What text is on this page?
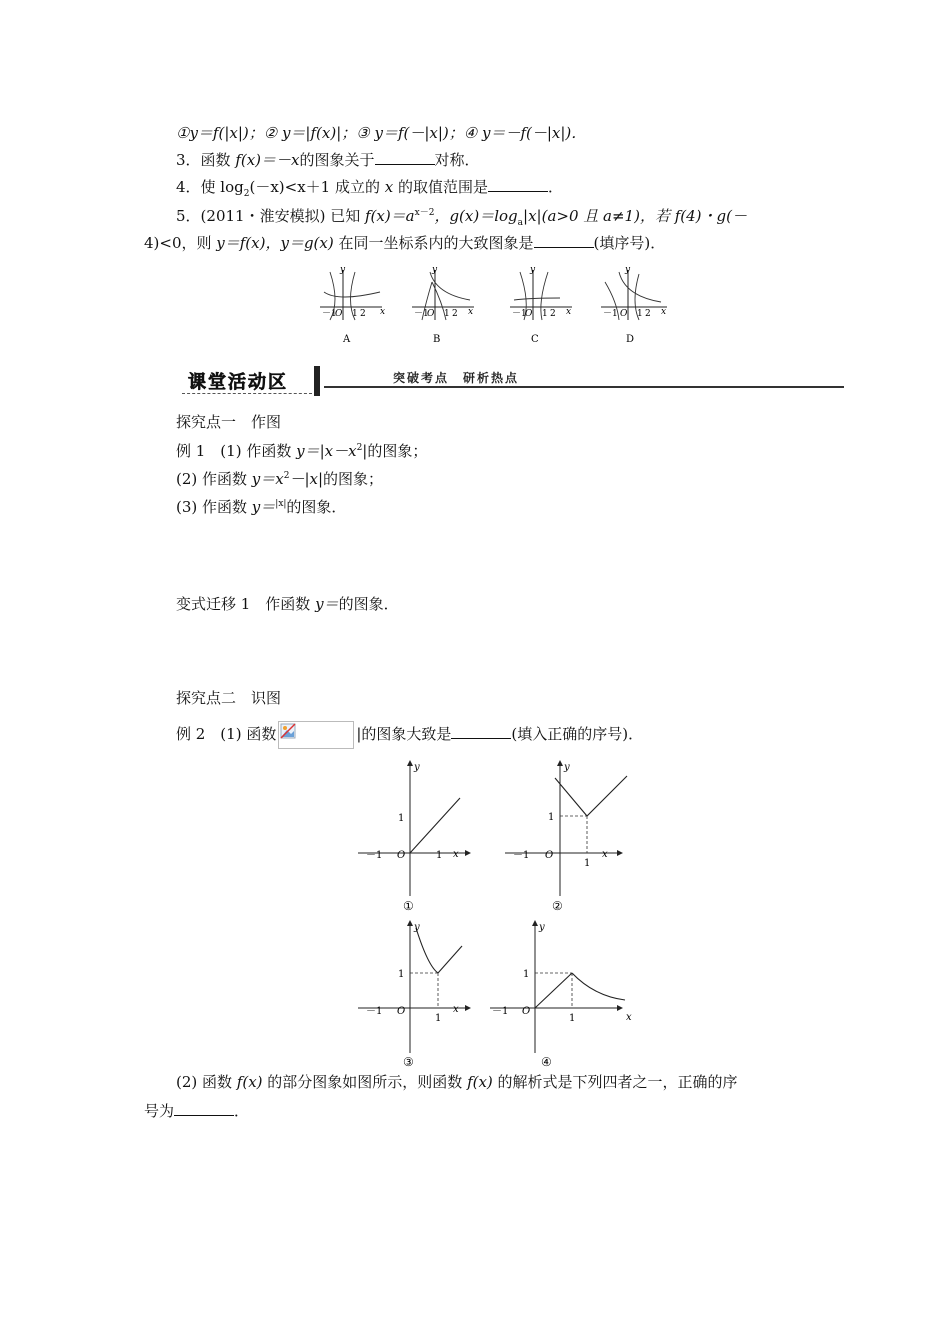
①y＝f(|x|)；② y＝|f(x)|；③ y＝f(－|x|)；④ y＝－f(－|x|)．
3．函数 f(x)＝－x的图象关于	对称．
4．使 $\log_2(-x)<x+1$ 成立的 x 的取值范围是	．
5．(2011・淮安模拟) 已知 $f(x)=a^{x-2}$，$g(x)=\log_a|x|(a>0$ 且 a≠1)，若 f(4)・g(－
4)<0，则 y＝f(x)，y＝g(x) 在同一坐标系内的大致图象是	(填序号)．
y
x
－1
O 1 2
A
y
x
－1
O 1 2
B
y
x
－1
O 1 2
C
y
x
－1 O 1 2
D
课堂活动区	突破考点　研析热点
探究点一　作图
例 1　(1) 作函数 $y=|x-x^2|$的图象；
(2) 作函数 $y=x^2-|x|$的图象；
(3) 作函数 y＝$^{|x|}$的图象．
变式迁移 1　作函数 y＝的图象．
探究点二　识图
例 2　(1) 函数	|的图象大致是	(填入正确的序号)．
y
x
－1 O	1
1
①
y
x
－1 O
1
1
②
y
x
－1 O
1
1
③
y
x
－1 O
1
1
④
(2) 函数 f(x) 的部分图象如图所示，则函数 f(x) 的解析式是下列四者之一，正确的序
号为	．
